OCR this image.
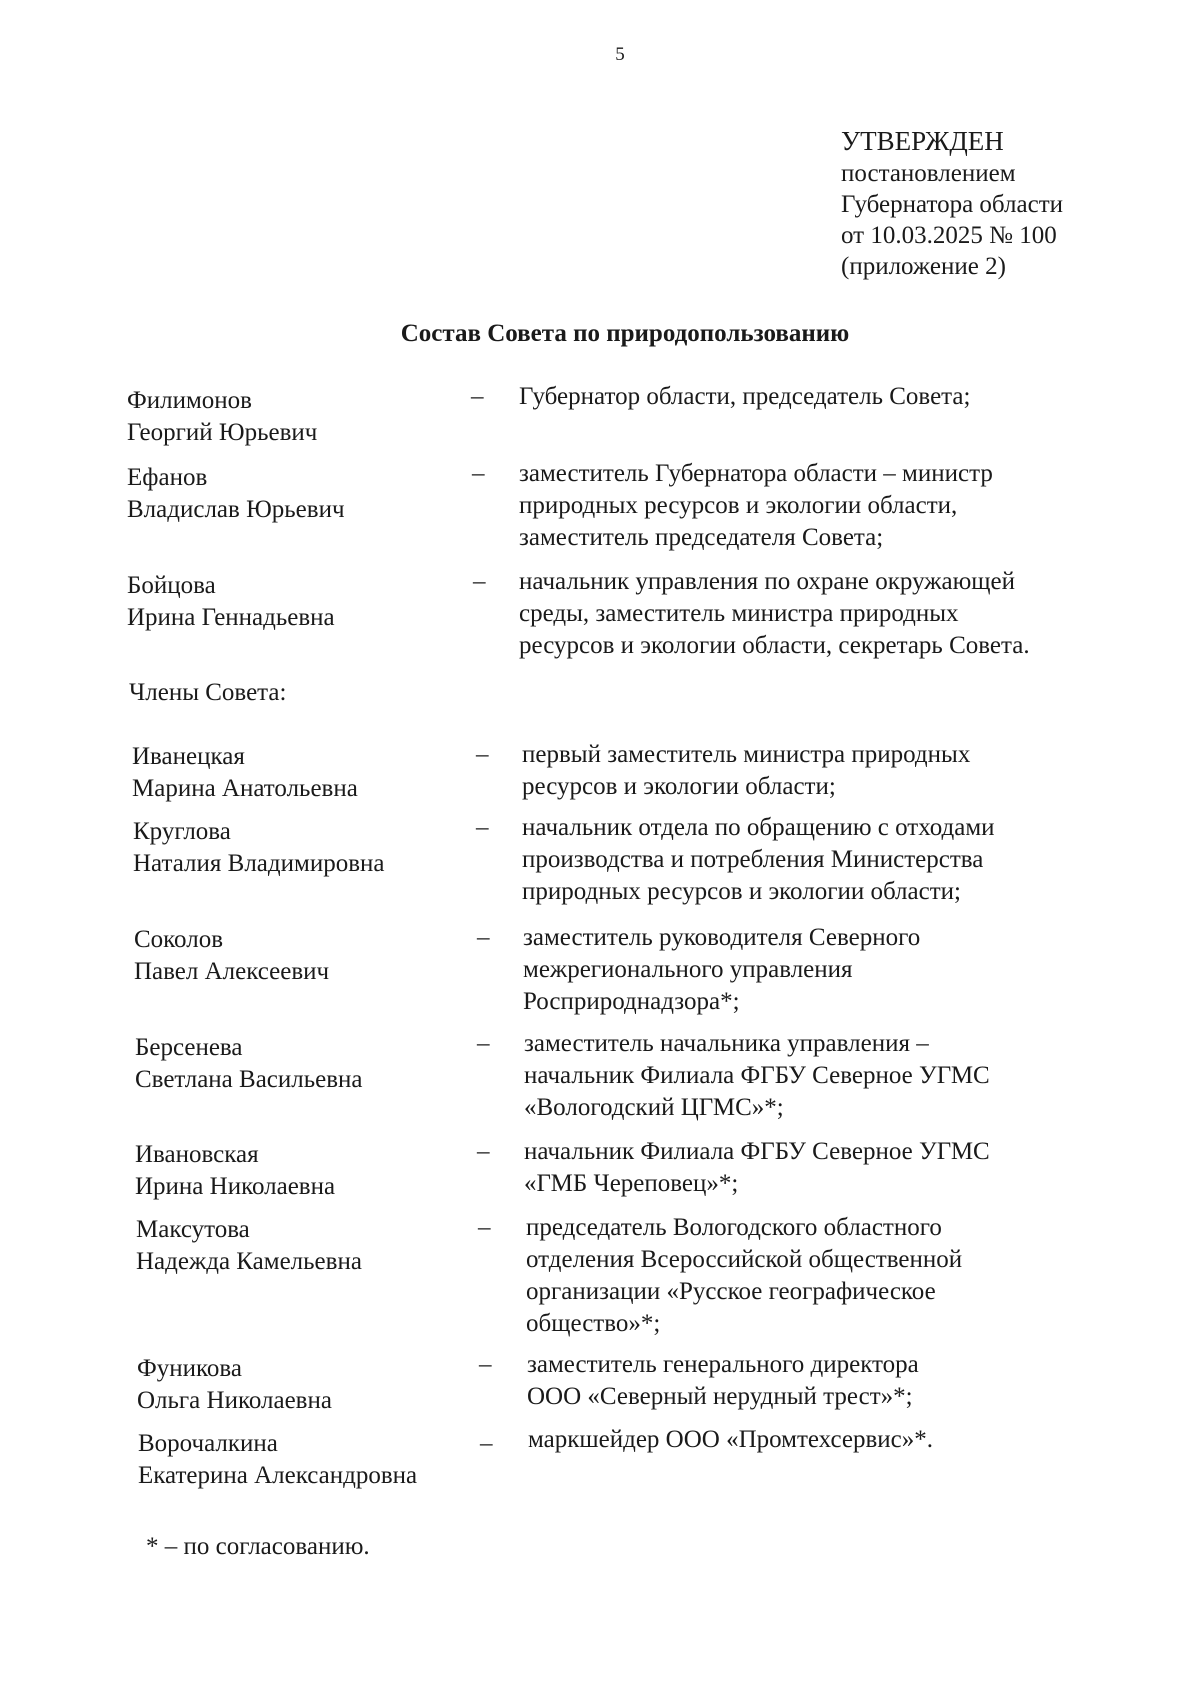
5
УТВЕРЖДЕН
постановлением
Губернатора области
от 10.03.2025 № 100
(приложение 2)
Состав Совета по природопользованию
Филимонов
Георгий Юрьевич
– Губернатор области, председатель Совета;
Ефанов
Владислав Юрьевич
– заместитель Губернатора области – министр
природных ресурсов и экологии области,
заместитель председателя Совета;
Бойцова
Ирина Геннадьевна
– начальник управления по охране окружающей
среды, заместитель министра природных
ресурсов и экологии области, секретарь Совета.
Члены Совета:
Иванецкая
Марина Анатольевна
– первый заместитель министра природных
ресурсов и экологии области;
Круглова
Наталия Владимировна
– начальник отдела по обращению с отходами
производства и потребления Министерства
природных ресурсов и экологии области;
Соколов
Павел Алексеевич
– заместитель руководителя Северного
межрегионального управления
Росприроднадзора*;
Берсенева
Светлана Васильевна
– заместитель начальника управления –
начальник Филиала ФГБУ Северное УГМС
«Вологодский ЦГМС»*;
Ивановская
Ирина Николаевна
– начальник Филиала ФГБУ Северное УГМС
«ГМБ Череповец»*;
Максутова
Надежда Камельевна
– председатель Вологодского областного
отделения Всероссийской общественной
организации «Русское географическое
общество»*;
Фуникова
Ольга Николаевна
– заместитель генерального директора
ООО «Северный нерудный трест»*;
Ворочалкина
Екатерина Александровна
– маркшейдер ООО «Промтехсервис»*.
* – по согласованию.
